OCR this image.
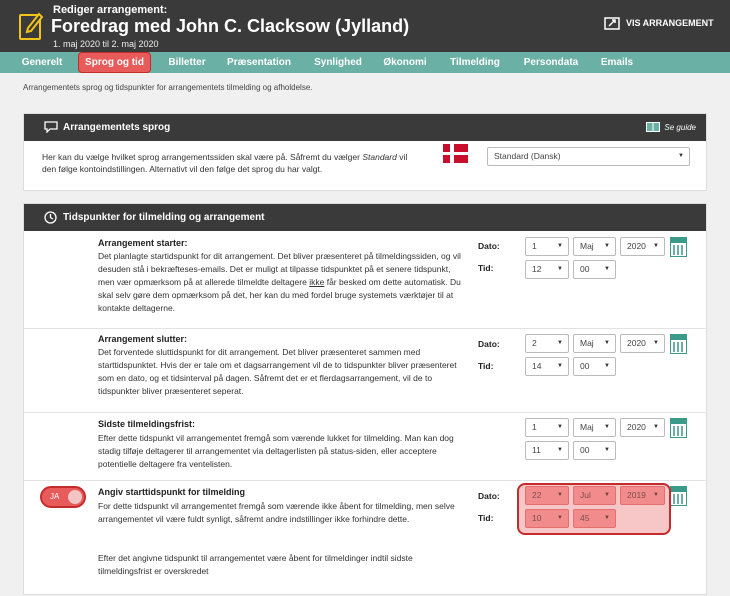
Rediger arrangement:
Foredrag med John C. Clacksow (Jylland)
1. maj 2020 til 2. maj 2020
VIS ARRANGEMENT
Generelt	Sprog og tid	Billetter	Præsentation	Synlighed	Økonomi	Tilmelding	Persondata	Emails
Arrangementets sprog og tidspunkter for arrangementets tilmelding og afholdelse.
Arrangementets sprog	Se guide
Her kan du vælge hvilket sprog arrangementssiden skal være på. Såfremt du vælger Standard vil den følge kontoindstillingen. Alternativt vil den følge det sprog du har valgt.
Standard (Dansk)	▼
Tidspunkter for tilmelding og arrangement
Arrangement starter:
Det planlagte startidspunkt for dit arrangement. Det bliver præsenteret på tilmeldingssiden, og vil desuden stå i bekræfteses-emails. Det er muligt at tilpasse tidspunktet på et senere tidspunkt, men vær opmærksom på at allerede tilmeldte deltagere ikke får besked om dette automatisk. Du skal selv gøre dem opmærksom på det, her kan du med fordel bruge systemets værktøjer til at kontakte deltagerne.
Dato:
Tid:
1	▼	Maj ▼	2020 ▼
12	▼	00 ▼
Arrangement slutter:
Det forventede sluttidspunkt for dit arrangement. Det bliver præsenteret sammen med starttidspunktet. Hvis der er tale om et dagsarrangement vil de to tidspunkter bliver præsenteret som en dato, og et tidsinterval på dagen. Såfremt det er et flerdagsarrangement, vil de to tidspunkter bliver præsenteret seperat.
Dato:
Tid:
2	▼	Maj ▼	2020 ▼
14	▼	00 ▼
Sidste tilmeldingsfrist:
Efter dette tidspunkt vil arrangementet fremgå som værende lukket for tilmelding. Man kan dog stadig tilføje deltagerer til arrangementet via deltagerlisten på status-siden, eller acceptere potentielle deltagere fra ventelisten.
1	▼	Maj ▼	2020 ▼
11	▼	00 ▼
JA	Angiv starttidspunkt for tilmelding
For dette tidspunkt vil arrangementet fremgå som værende ikke åbent for tilmelding, men selve arrangementet vil være fuldt synligt, såfremt andre indstillinger ikke forhindre dette.
Efter det angivne tidspunkt til arrangementet være åbent for tilmeldinger indtil sidste tilmeldingsfrist er overskredet
Dato:
Tid:
22	▼	Jul ▼	2019 ▼
10	▼	45 ▼
